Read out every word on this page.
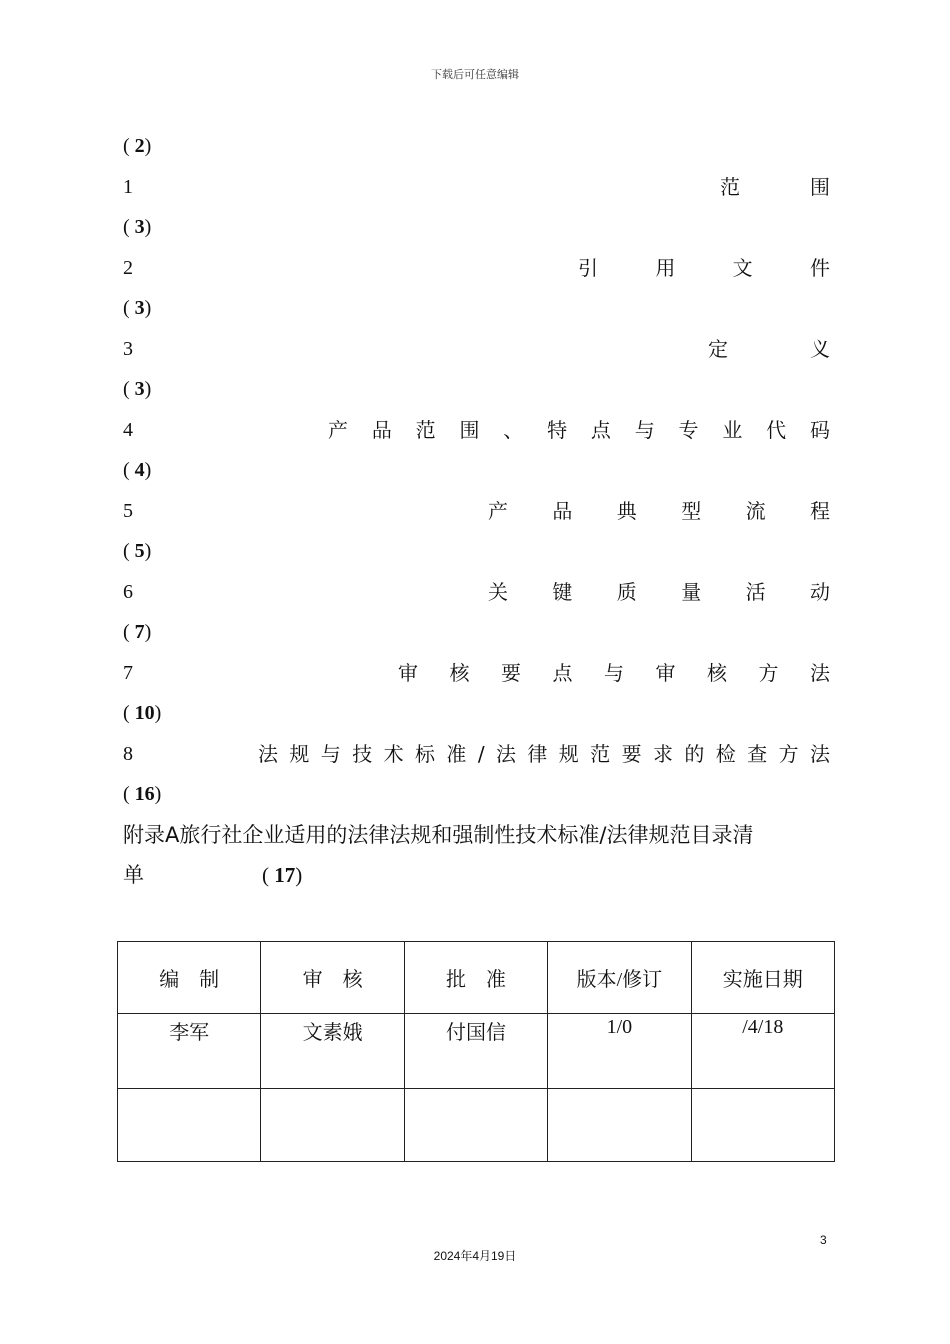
下载后可任意编辑
( 2)
1	范围
( 3)
2	引用文件
( 3)
3	定义
( 3)
4	产品范围、特点与专业代码
( 4)
5	产品典型流程
( 5)
6	关键质量活动
( 7)
7	审核要点与审核方法
( 10)
8	法规与技术标准/法律规范要求的检查方法
( 16)
附录A旅行社企业适用的法律法规和强制性技术标准/法律规范目录清
单	( 17)
编　制	审　核	批　准	版本/修订	实施日期
李军	文素娥	付国信	1/0	/4/18

3
2024年4月19日
